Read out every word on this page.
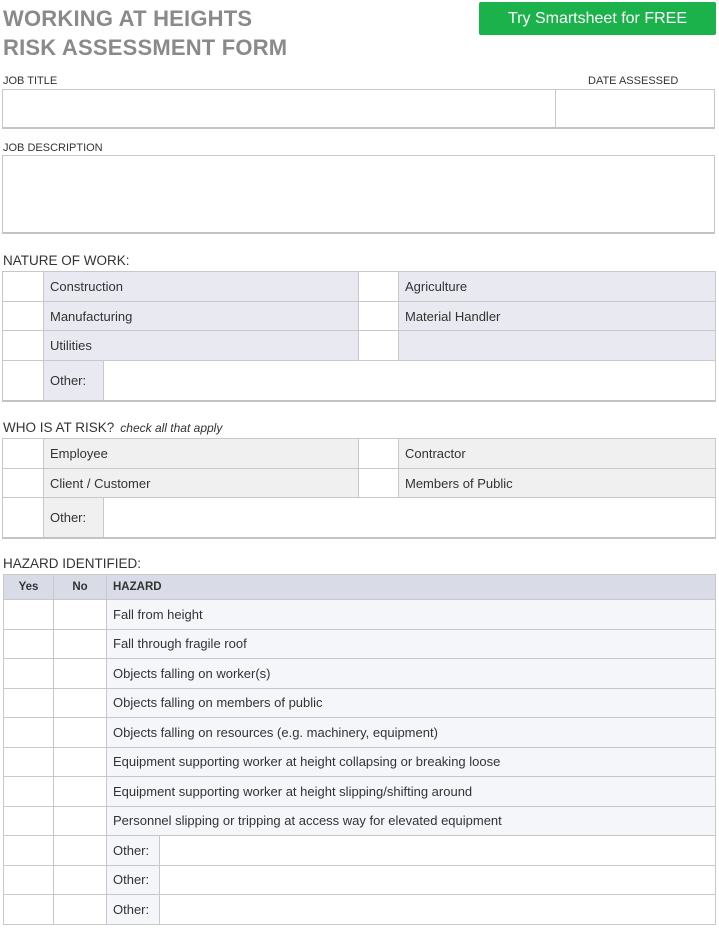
WORKING AT HEIGHTS
RISK ASSESSMENT FORM
Try Smartsheet for FREE
JOB TITLE	DATE ASSESSED
JOB DESCRIPTION
NATURE OF WORK:
	Construction		Agriculture
	Manufacturing		Material Handler
	Utilities		
	Other:	
WHO IS AT RISK? check all that apply
	Employee		Contractor
	Client / Customer		Members of Public
	Other:	
HAZARD IDENTIFIED:
Yes	No	HAZARD	
		Fall from height	
		Fall through fragile roof	
		Objects falling on worker(s)	
		Objects falling on members of public	
		Objects falling on resources (e.g. machinery, equipment)	
		Equipment supporting worker at height collapsing or breaking loose	
		Equipment supporting worker at height slipping/shifting around	
		Personnel slipping or tripping at access way for elevated equipment	
		Other:	
		Other:	
		Other:	
